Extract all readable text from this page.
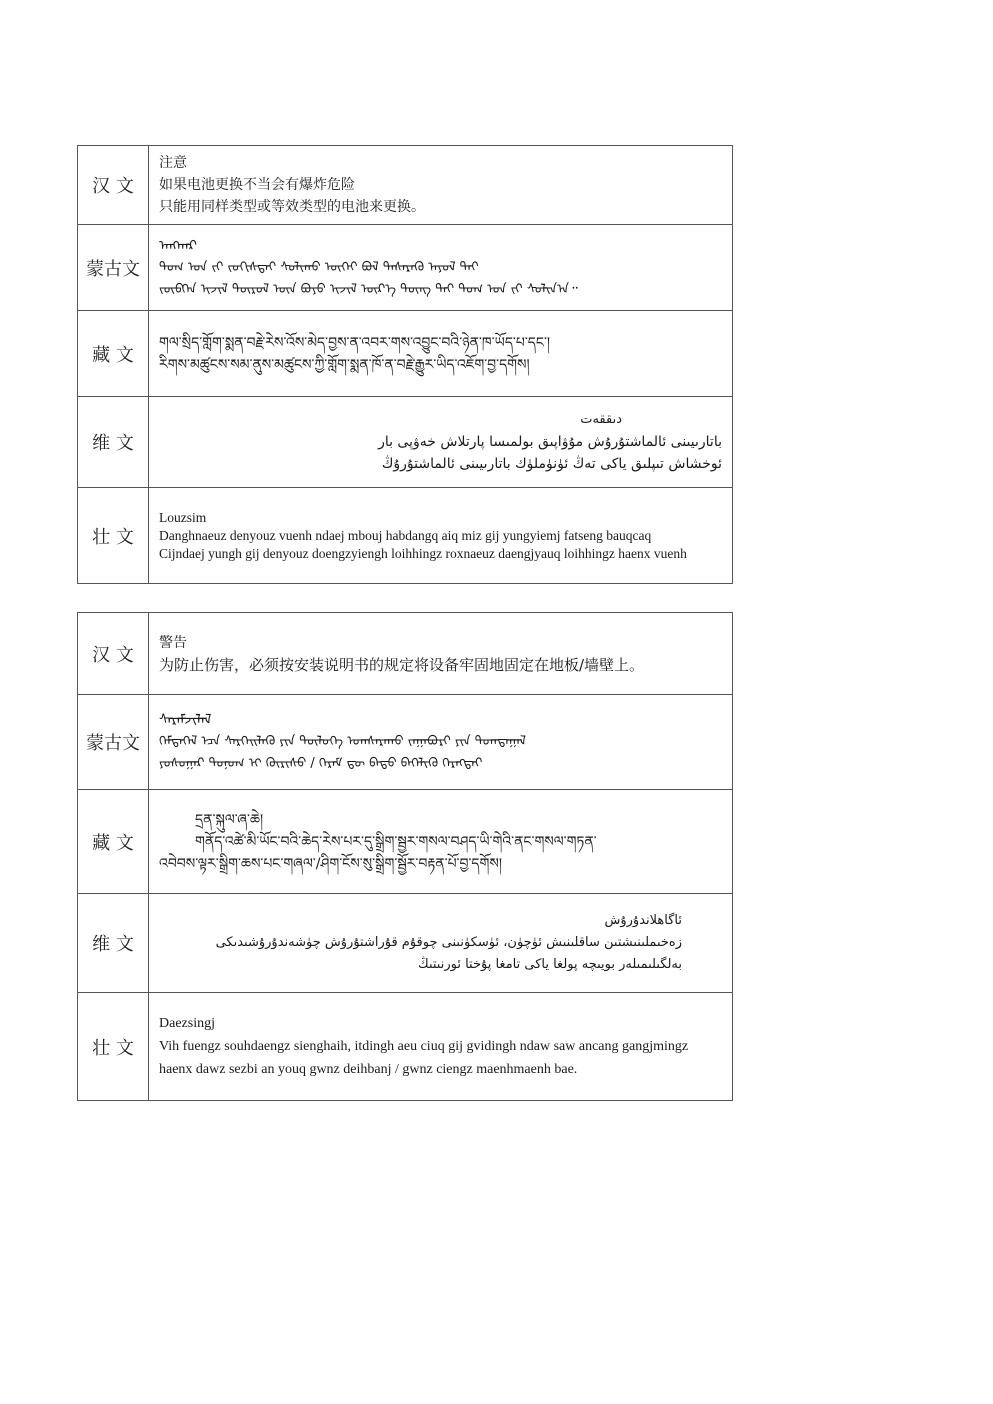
汉 文	注意
如果电池更换不当会有爆炸危险
只能用同样类型或等效类型的电池来更换。

蒙古文	ᠠᠩᠬᠠᠷ
ᠲᠣᠭ ᠤᠨ ᠵᠢ ᠵᠣᠬᠢᠰᠲᠠᠢ ᠰᠣᠯᠢᠬᠤ ᠦᠭᠡᠢ ᠪᠣᠯ ᠲᠡᠰᠡᠷᠡᠬᠦ ᠠᠶᠤᠯ ᠲᠠᠢ
ᠵᠥᠪᠬᠡᠨ ᠢᠵᠢᠯ ᠲᠦᠷᠦᠯ ᠦᠨ ᠪᠤᠶᠤ ᠢᠵᠢᠯ ᠦᠷ᠎ᠡ ᠳᠦᠩ ᠲᠡᠢ ᠲᠣᠭ ᠤᠨ ᠵᠢ ᠰᠣᠯᠢᠨ᠎ᠠ᠃

藏 文	གལ་སྲིད་གློག་སྨན་བརྗེ་རེས་འོས་མེད་བྱས་ན་འབར་གས་འབྱུང་བའི་ཉེན་ཁ་ཡོད་པ་དང་།
རིགས་མཚུངས་སམ་ནུས་མཚུངས་ཀྱི་གློག་སྨན་ཁོ་ན་བརྗེ་རྒྱུར་ཡིད་འཇོག་བྱ་དགོས།

维 文	دىققەت
باتارىيىنى ئالماشتۇرۇش مۇۋاپىق بولمىسا پارتلاش خەۋپى بار
ئوخشاش تىپلىق ياكى تەڭ ئۈنۈملۈك باتارىيىنى ئالماشتۇرۇڭ

壮 文	Louzsim
Danghnaeuz denyouz vuenh ndaej mbouj habdangq aiq miz gij yungyiemj fatseng bauqcaq
Cijndaej yungh gij denyouz doengzyiengh loihhingz roxnaeuz daengjyauq loihhingz haenx vuenh
汉 文	警告
为防止伤害，必须按安装说明书的规定将设备牢固地固定在地板/墙壁上。

蒙古文	ᠰᠡᠷᠡᠮᠵᠢᠯᠡᠯ
ᠭᠡᠮᠲᠡᠭᠡᠯ ᠡᠴᠡ ᠰᠡᠷᠭᠡᠢᠯᠡᠬᠦ ᠶᠢᠨ ᠲᠥᠯᠦᠭᠡ ᠤᠭᠰᠠᠷᠠᠬᠤ ᠵᠠᠭᠠᠪᠤᠷᠢ ᠶᠢᠨ ᠲᠣᠭᠲᠠᠭᠠᠯ
ᠶᠣᠰᠣᠭᠠᠷ ᠲᠣᠨᠣᠭ ᠢ ᠬᠥᠷᠢᠰᠦ / ᠬᠡᠷᠡᠮ ᠳᠦ ᠪᠠᠲᠤ ᠪᠡᠬᠡᠯᠢᠬᠦ ᠬᠡᠷᠡᠭᠲᠡᠢ

藏 文	དྲན་སྐུལ་ཞ་ཆེ།
གནོད་འཚེ་མི་ཡོང་བའི་ཆེད་རེས་པར་དུ་སྒྲིག་སྦྱར་གསལ་བཤད་ཡི་གེའི་ནང་གསལ་གཏན་
འབེབས་ལྟར་སྒྲིག་ཆས་པང་གཞལ་/ཤིག་ངོས་སུ་སྒྲིག་སྦྱོར་བརྟན་པོ་བྱ་དགོས།

维 文	ئاگاھلاندۇرۇش
زەخىملىنىشتىن ساقلىنىش ئۈچۈن، ئۈسكۈنىنى چوقۇم قۇراشتۇرۇش چۈشەندۇرۇشىدىكى
بەلگىلىمىلەر بويىچە پولغا ياكى تامغا پۇختا ئورنىتىڭ

壮 文	Daezsingj
Vih fuengz souhdaengz sienghaih, itdingh aeu ciuq gij gvidingh ndaw saw ancang gangjmingz haenx dawz sezbi an youq gwnz deihbanj / gwnz ciengz maenhmaenh bae.
